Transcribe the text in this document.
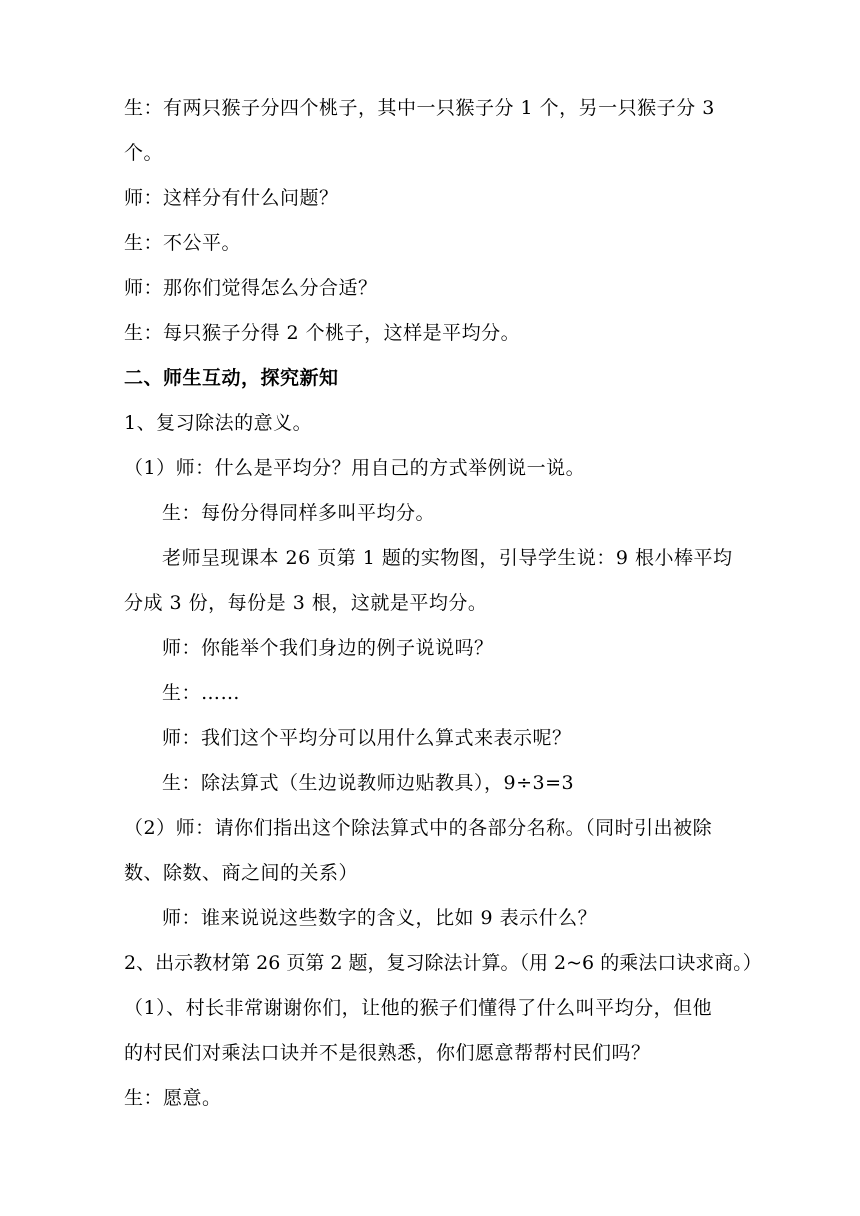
生：有两只猴子分四个桃子，其中一只猴子分 1 个，另一只猴子分 3
个。
师：这样分有什么问题？
生：不公平。
师：那你们觉得怎么分合适？
生：每只猴子分得 2 个桃子，这样是平均分。
二、师生互动，探究新知
1、复习除法的意义。
（1）师：什么是平均分？用自己的方式举例说一说。
生：每份分得同样多叫平均分。
老师呈现课本 26 页第 1 题的实物图，引导学生说：9 根小棒平均
分成 3 份，每份是 3 根，这就是平均分。
师：你能举个我们身边的例子说说吗？
生：……
师：我们这个平均分可以用什么算式来表示呢？
生：除法算式（生边说教师边贴教具），9÷3=3
（2）师：请你们指出这个除法算式中的各部分名称。（同时引出被除
数、除数、商之间的关系）
师：谁来说说这些数字的含义，比如 9 表示什么？
2、出示教材第 26 页第 2 题，复习除法计算。（用 2~6 的乘法口诀求商。）
（1）、村长非常谢谢你们，让他的猴子们懂得了什么叫平均分，但他
的村民们对乘法口诀并不是很熟悉，你们愿意帮帮村民们吗？
生：愿意。
